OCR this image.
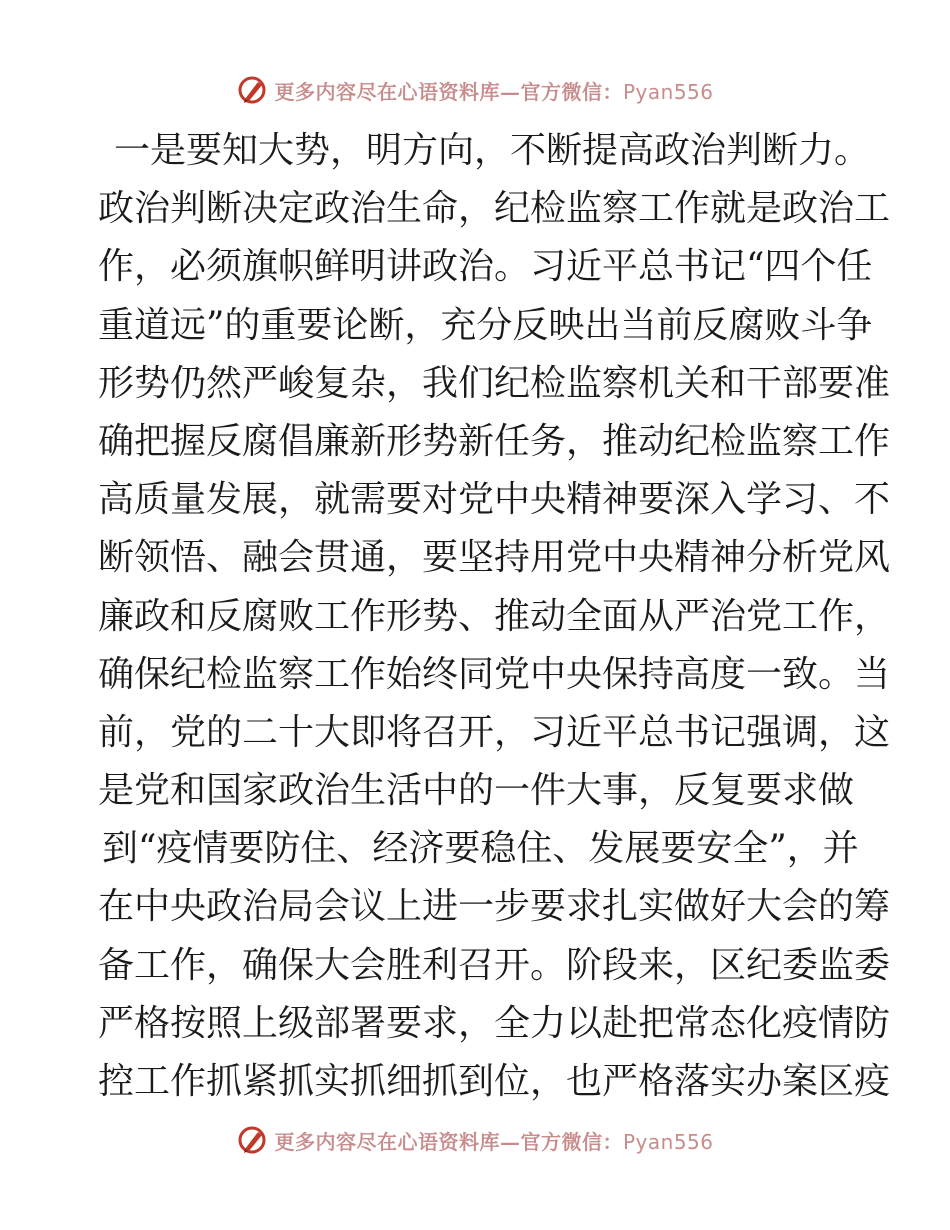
更多内容尽在心语资料库—官方微信：Pyan556
一是要知大势，明方向，不断提高政治判断力。
政治判断决定政治生命，纪检监察工作就是政治工
作，必须旗帜鲜明讲政治。习近平总书记“四个任
重道远”的重要论断，充分反映出当前反腐败斗争
形势仍然严峻复杂，我们纪检监察机关和干部要准
确把握反腐倡廉新形势新任务，推动纪检监察工作
高质量发展，就需要对党中央精神要深入学习、不
断领悟、融会贯通，要坚持用党中央精神分析党风
廉政和反腐败工作形势、推动全面从严治党工作，
确保纪检监察工作始终同党中央保持高度一致。当
前，党的二十大即将召开，习近平总书记强调，这
是党和国家政治生活中的一件大事，反复要求做
到“疫情要防住、经济要稳住、发展要安全”，并
在中央政治局会议上进一步要求扎实做好大会的筹
备工作，确保大会胜利召开。阶段来，区纪委监委
严格按照上级部署要求，全力以赴把常态化疫情防
控工作抓紧抓实抓细抓到位，也严格落实办案区疫
更多内容尽在心语资料库—官方微信：Pyan556
